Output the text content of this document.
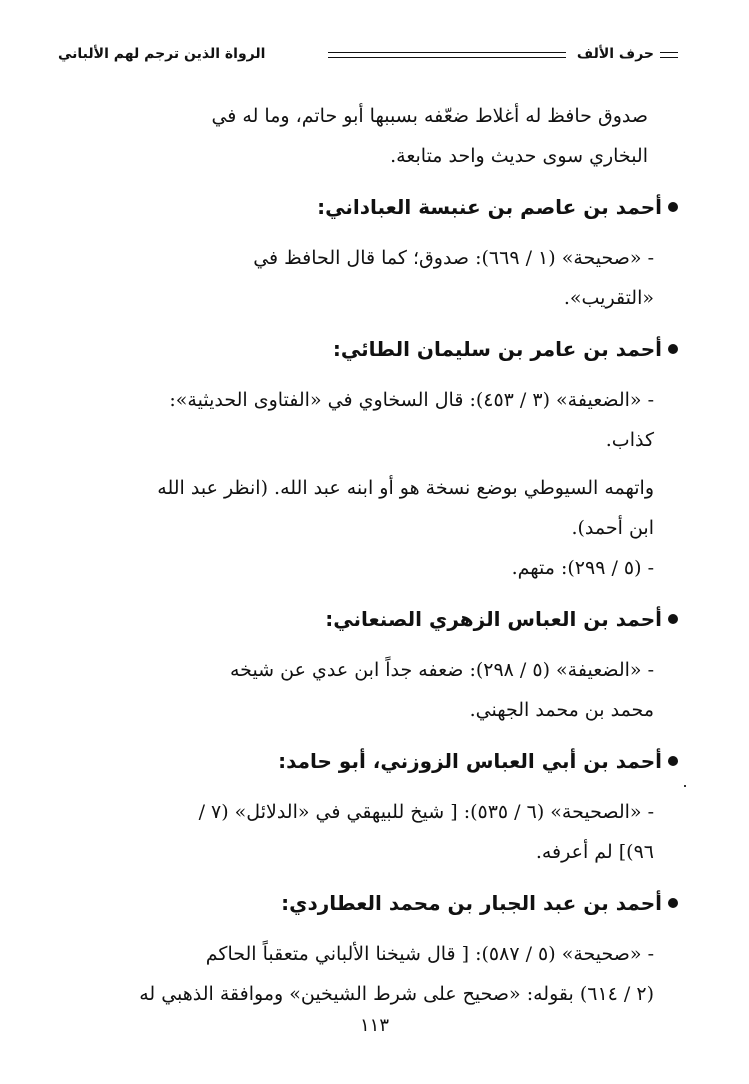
حرف الألف
الرواة الذين ترجم لهم الألباني

صدوق حافظ له أغلاط ضعّفه بسببها أبو حاتم، وما له في

البخاري سوى حديث واحد متابعة.

أحمد بن عاصم بن عنبسة العباداني:

- «صحيحة» (١ / ٦٦٩): صدوق؛ كما قال الحافظ في

«التقريب».

أحمد بن عامر بن سليمان الطائي:

- «الضعيفة» (٣ / ٤٥٣): قال السخاوي في «الفتاوى الحديثية»:

كذاب.

واتهمه السيوطي بوضع نسخة هو أو ابنه عبد الله. (انظر عبد الله

ابن أحمد).

- (٥ / ٢٩٩): متهم.

أحمد بن العباس الزهري الصنعاني:

- «الضعيفة» (٥ / ٢٩٨): ضعفه جداً ابن عدي عن شيخه

محمد بن محمد الجهني.

أحمد بن أبي العباس الزوزني، أبو حامد:

- «الصحيحة» (٦ / ٥٣٥): [ شيخ للبيهقي في «الدلائل» (٧ /

٩٦)] لم أعرفه.

أحمد بن عبد الجبار بن محمد العطاردي:

- «صحيحة» (٥ / ٥٨٧): [ قال شيخنا الألباني متعقباً الحاكم

(٢ / ٦١٤) بقوله: «صحيح على شرط الشيخين» وموافقة الذهبي له

١١٣
